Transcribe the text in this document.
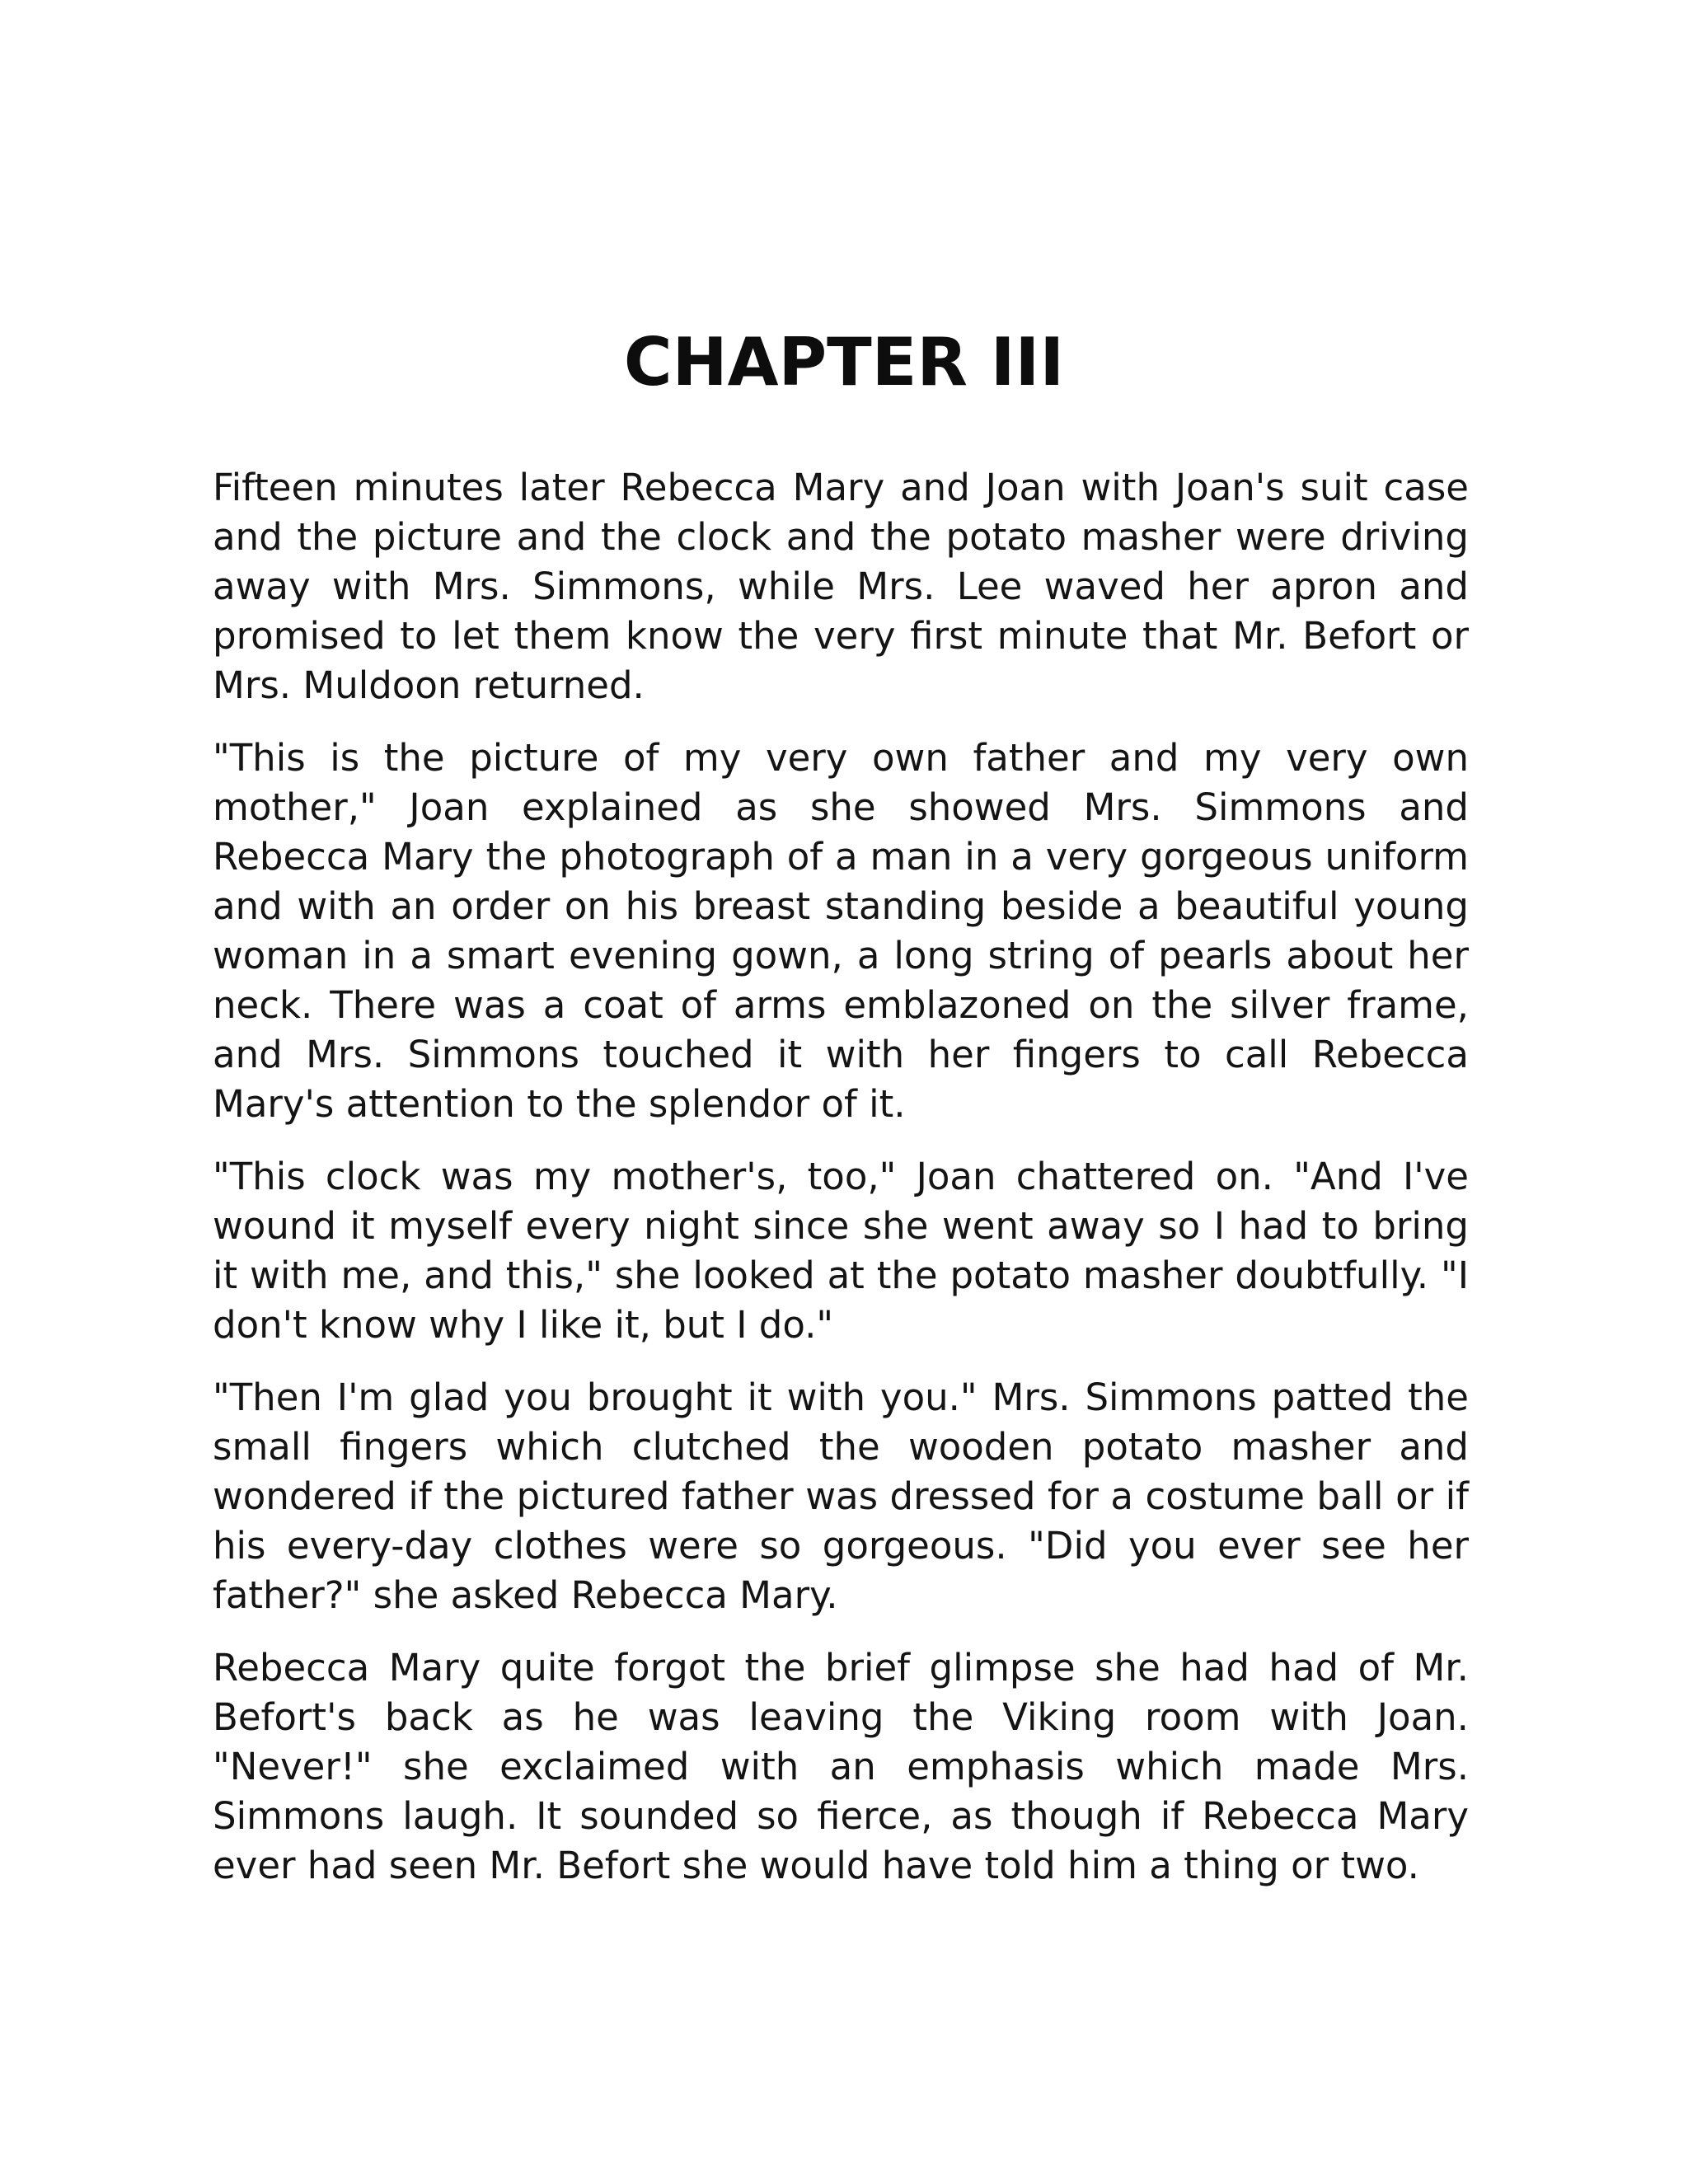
CHAPTER III

Fifteen minutes later Rebecca Mary and Joan with Joan's suit case and the picture and the clock and the potato masher were driving away with Mrs. Simmons, while Mrs. Lee waved her apron and promised to let them know the very first minute that Mr. Befort or Mrs. Muldoon returned.

"This is the picture of my very own father and my very own mother," Joan explained as she showed Mrs. Simmons and Rebecca Mary the photograph of a man in a very gorgeous uniform and with an order on his breast standing beside a beautiful young woman in a smart evening gown, a long string of pearls about her neck. There was a coat of arms emblazoned on the silver frame, and Mrs. Simmons touched it with her fingers to call Rebecca Mary's attention to the splendor of it.

"This clock was my mother's, too," Joan chattered on. "And I've wound it myself every night since she went away so I had to bring it with me, and this," she looked at the potato masher doubtfully. "I don't know why I like it, but I do."

"Then I'm glad you brought it with you." Mrs. Simmons patted the small fingers which clutched the wooden potato masher and wondered if the pictured father was dressed for a costume ball or if his every-day clothes were so gorgeous. "Did you ever see her father?" she asked Rebecca Mary.

Rebecca Mary quite forgot the brief glimpse she had had of Mr. Befort's back as he was leaving the Viking room with Joan. "Never!" she exclaimed with an emphasis which made Mrs. Simmons laugh. It sounded so fierce, as though if Rebecca Mary ever had seen Mr. Befort she would have told him a thing or two.
